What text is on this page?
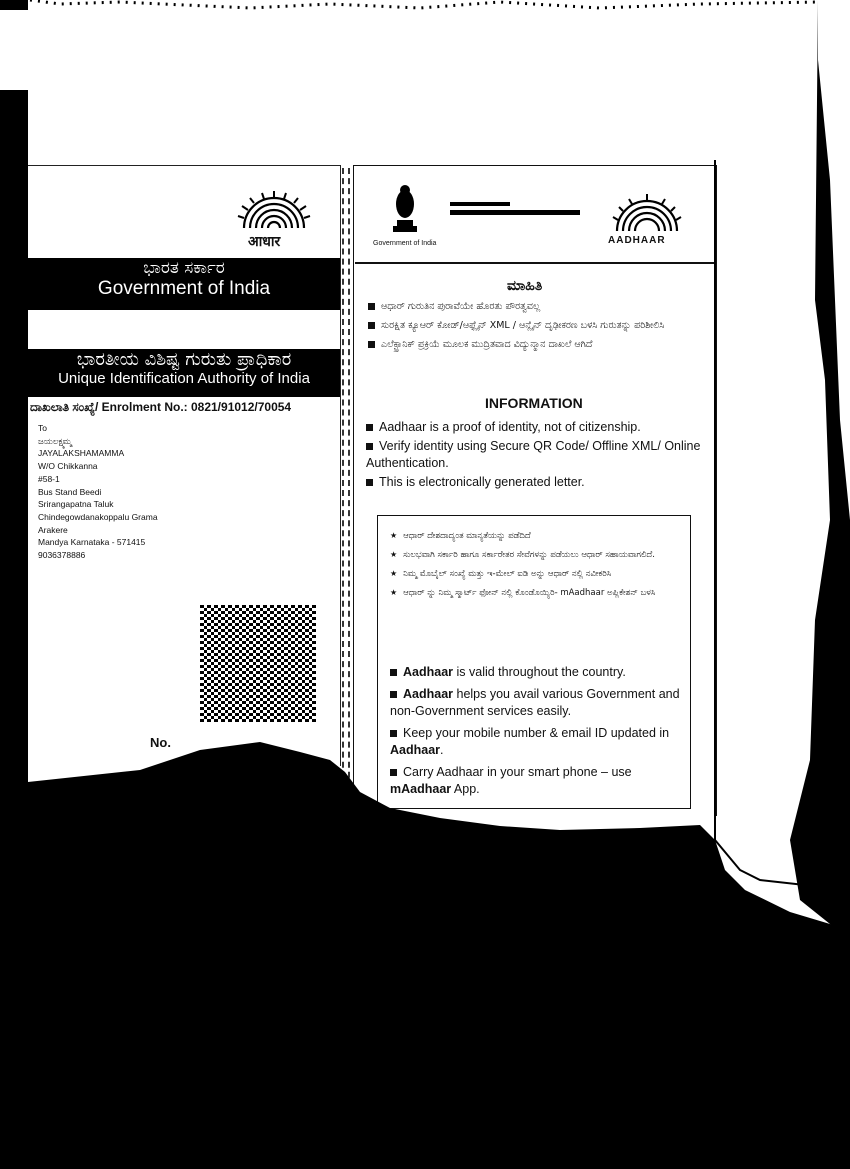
आधार
ಭಾರತ ಸರ್ಕಾರ
Government of India
ಭಾರತೀಯ ವಿಶಿಷ್ಟ ಗುರುತು ಪ್ರಾಧಿಕಾರ
Unique Identification Authority of India
ದಾಖಲಾತಿ ಸಂಖ್ಯೆ/ Enrolment No.: 0821/91012/70054
To
ಜಯಲಕ್ಷ್ಮಮ್ಮ
JAYALAKSHAMAMMA
W/O Chikkanna
#58-1
Bus Stand Beedi
Srirangapatna Taluk
Chindegowdanakoppalu Grama
Arakere
Mandya Karnataka - 571415
9036378886
No.
Government of India	AADHAAR
ಮಾಹಿತಿ
ಆಧಾರ್ ಗುರುತಿನ ಪುರಾವೆಯೇ ಹೊರತು ಪೌರತ್ವವಲ್ಲ
ಸುರಕ್ಷಿತ ಕ್ಯೂಆರ್ ಕೋಡ್/ಆಫ್ಲೈನ್ XML / ಆನ್ಲೈನ್ ದೃಢೀಕರಣ ಬಳಸಿ ಗುರುತನ್ನು ಪರಿಶೀಲಿಸಿ
ಎಲೆಕ್ಟ್ರಾನಿಕ್ ಪ್ರಕ್ರಿಯೆ ಮೂಲಕ ಮುದ್ರಿತವಾದ ವಿದ್ಯುನ್ಮಾನ ದಾಖಲೆ ಆಗಿದೆ
INFORMATION
Aadhaar is a proof of identity, not of citizenship.
Verify identity using Secure QR Code/ Offline XML/ Online Authentication.
This is electronically generated letter.
★ ಆಧಾರ್ ದೇಶದಾದ್ಯಂತ ಮಾನ್ಯತೆಯನ್ನು ಪಡೆದಿದೆ
★ ಸುಲಭವಾಗಿ ಸರ್ಕಾರಿ ಹಾಗೂ ಸರ್ಕಾರೇತರ ಸೇವೆಗಳನ್ನು ಪಡೆಯಲು ಆಧಾರ್ ಸಹಾಯವಾಗಲಿದೆ.
★ ನಿಮ್ಮ ಮೊಬೈಲ್ ಸಂಖ್ಯೆ ಮತ್ತು ಇ-ಮೇಲ್ ಐಡಿ ಅನ್ನು ಆಧಾರ್ ನಲ್ಲಿ ನವೀಕರಿಸಿ
★ ಆಧಾರ್ ನ್ನು ನಿಮ್ಮ ಸ್ಮಾರ್ಟ್ ಫೋನ್ ನಲ್ಲಿ ಕೊಂಡೊಯ್ಯಿರಿ- mAadhaar ಅಪ್ಲಿಕೇಶನ್ ಬಳಸಿ
Aadhaar is valid throughout the country.
Aadhaar helps you avail various Government and non-Government services easily.
Keep your mobile number & email ID updated in Aadhaar.
Carry Aadhaar in your smart phone – use mAadhaar App.
ಆಧಾರ್ - ಸಾಮಾನ್ಯ ಮನುಷ್ಯನ
ಅಧಿಕಾರ
